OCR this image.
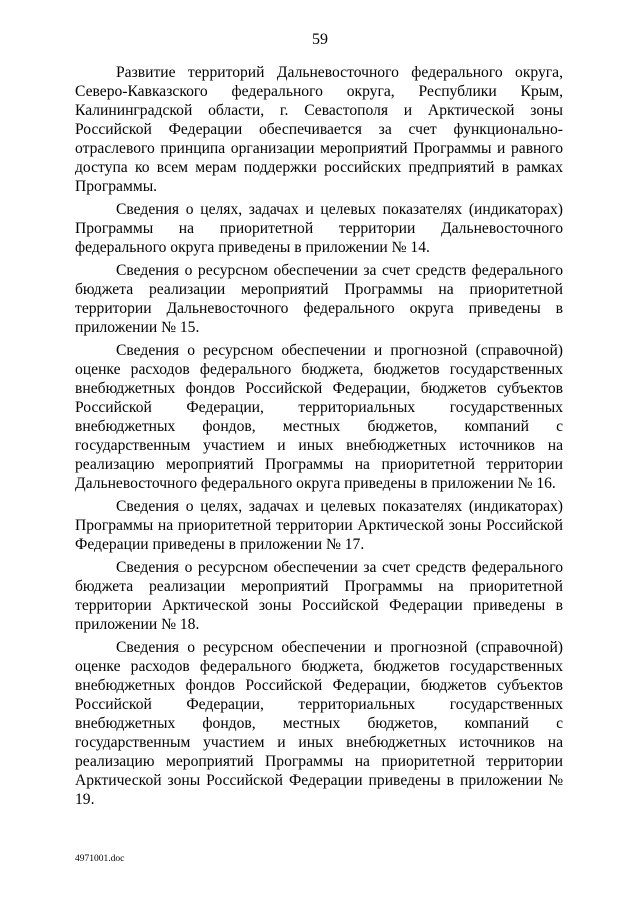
59

Развитие территорий Дальневосточного федерального округа, Северо-Кавказского федерального округа, Республики Крым, Калининградской области, г. Севастополя и Арктической зоны Российской Федерации обеспечивается за счет функционально-отраслевого принципа организации мероприятий Программы и равного доступа ко всем мерам поддержки российских предприятий в рамках Программы.

Сведения о целях, задачах и целевых показателях (индикаторах) Программы на приоритетной территории Дальневосточного федерального округа приведены в приложении № 14.

Сведения о ресурсном обеспечении за счет средств федерального бюджета реализации мероприятий Программы на приоритетной территории Дальневосточного федерального округа приведены в приложении № 15.

Сведения о ресурсном обеспечении и прогнозной (справочной) оценке расходов федерального бюджета, бюджетов государственных внебюджетных фондов Российской Федерации, бюджетов субъектов Российской Федерации, территориальных государственных внебюджетных фондов, местных бюджетов, компаний с государственным участием и иных внебюджетных источников на реализацию мероприятий Программы на приоритетной территории Дальневосточного федерального округа приведены в приложении № 16.

Сведения о целях, задачах и целевых показателях (индикаторах) Программы на приоритетной территории Арктической зоны Российской Федерации приведены в приложении № 17.

Сведения о ресурсном обеспечении за счет средств федерального бюджета реализации мероприятий Программы на приоритетной территории Арктической зоны Российской Федерации приведены в приложении № 18.

Сведения о ресурсном обеспечении и прогнозной (справочной) оценке расходов федерального бюджета, бюджетов государственных внебюджетных фондов Российской Федерации, бюджетов субъектов Российской Федерации, территориальных государственных внебюджетных фондов, местных бюджетов, компаний с государственным участием и иных внебюджетных источников на реализацию мероприятий Программы на приоритетной территории Арктической зоны Российской Федерации приведены в приложении № 19.

4971001.doc
